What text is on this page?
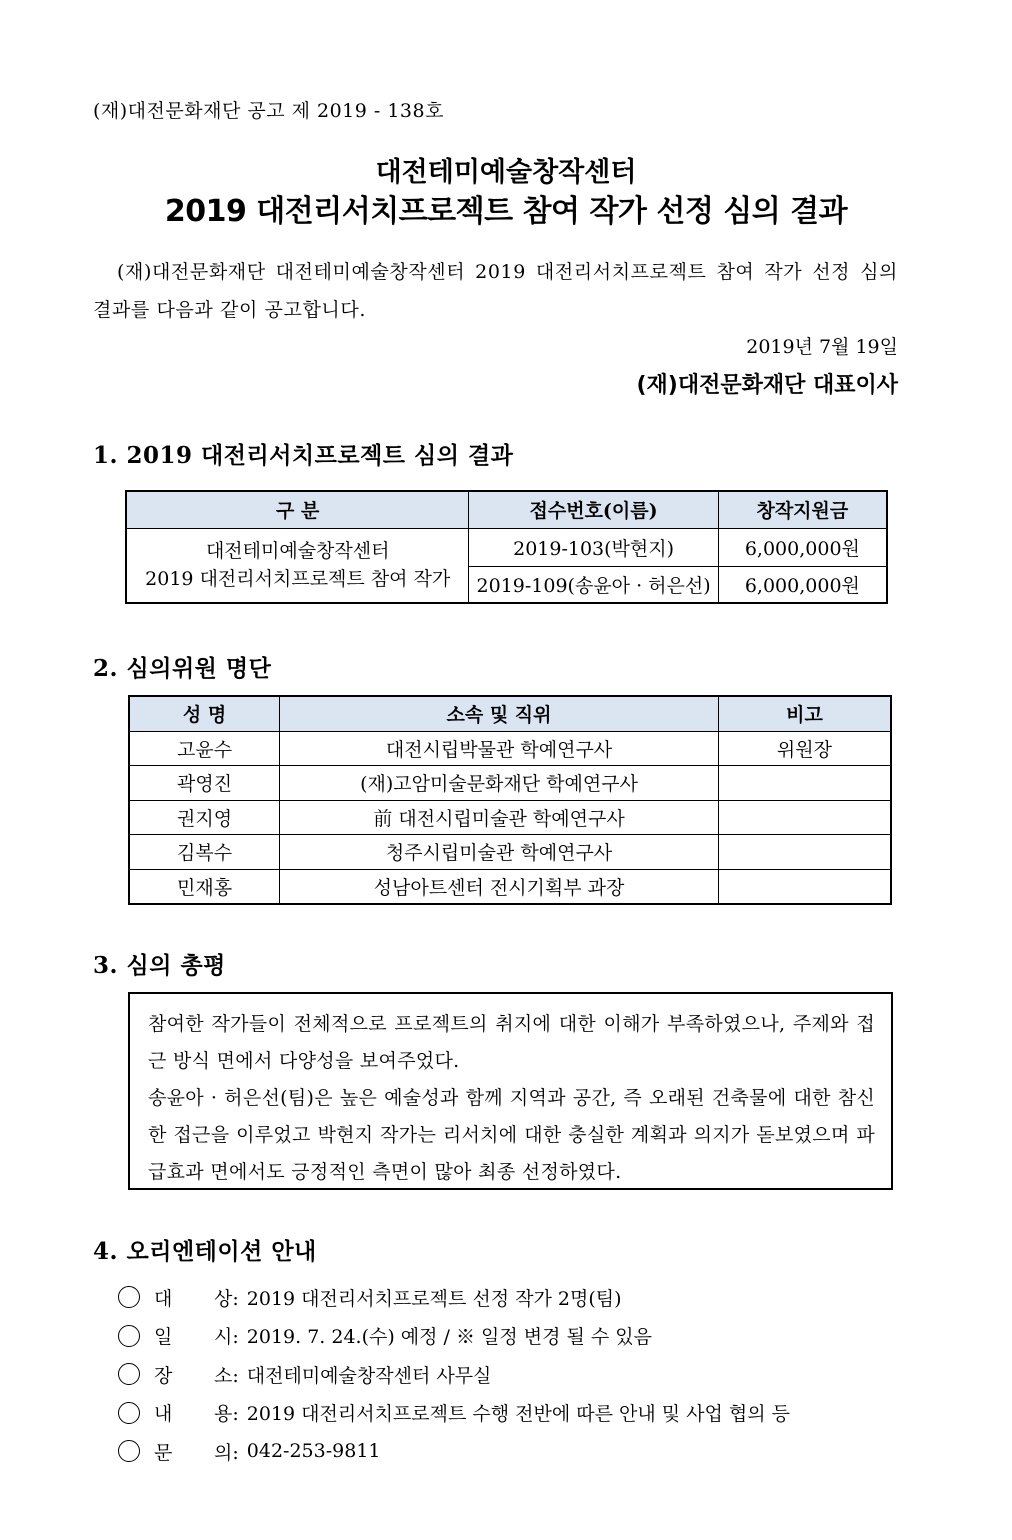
(재)대전문화재단 공고 제 2019 - 138호
대전테미예술창작센터
2019 대전리서치프로젝트 참여 작가 선정 심의 결과
(재)대전문화재단 대전테미예술창작센터 2019 대전리서치프로젝트 참여 작가 선정 심의 결과를 다음과 같이 공고합니다.
2019년 7월 19일
(재)대전문화재단 대표이사
1. 2019 대전리서치프로젝트 심의 결과
구 분	접수번호(이름)	창작지원금

대전테미예술창작센터
2019 대전리서치프로젝트 참여 작가	2019-103(박현지)	6,000,000원
	2019-109(송윤아 · 허은선)	6,000,000원
2. 심의위원 명단
성 명	소속 및 직위	비고
고윤수	대전시립박물관 학예연구사	위원장
곽영진	(재)고암미술문화재단 학예연구사	
권지영	前 대전시립미술관 학예연구사	
김복수	청주시립미술관 학예연구사	
민재홍	성남아트센터 전시기획부 과장	
3. 심의 총평
참여한 작가들이 전체적으로 프로젝트의 취지에 대한 이해가 부족하였으나, 주제와 접근 방식 면에서 다양성을 보여주었다.
송윤아 · 허은선(팀)은 높은 예술성과 함께 지역과 공간, 즉 오래된 건축물에 대한 참신한 접근을 이루었고 박현지 작가는 리서치에 대한 충실한 계획과 의지가 돋보였으며 파급효과 면에서도 긍정적인 측면이 많아 최종 선정하였다.
4. 오리엔테이션 안내
대	상: 2019 대전리서치프로젝트 선정 작가 2명(팀)
일	시: 2019. 7. 24.(수) 예정 / ※ 일정 변경 될 수 있음
장	소: 대전테미예술창작센터 사무실
내	용: 2019 대전리서치프로젝트 수행 전반에 따른 안내 및 사업 협의 등
문	의: 042-253-9811
